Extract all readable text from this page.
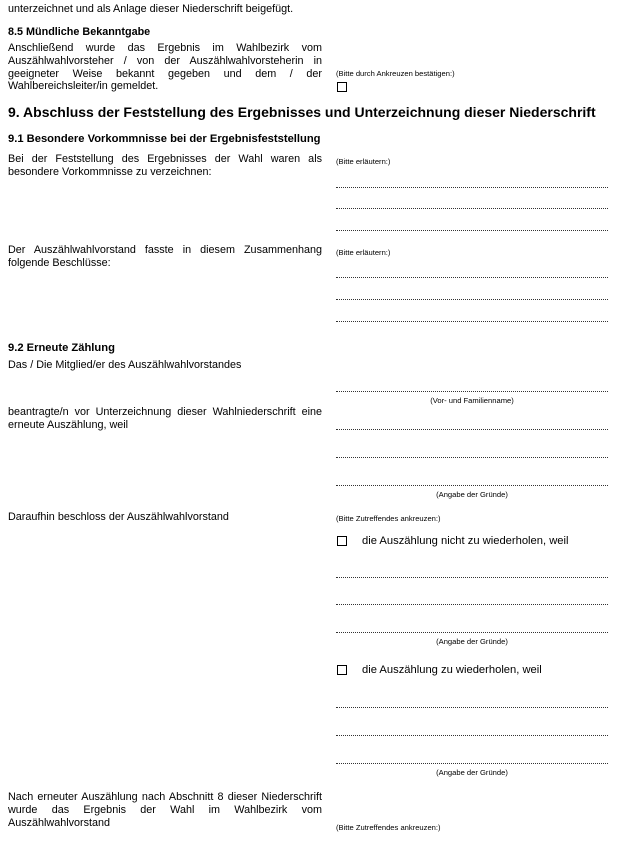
unterzeichnet und als Anlage dieser Niederschrift beigefügt.
8.5 Mündliche Bekanntgabe
Anschließend wurde das Ergebnis im Wahlbezirk vom Auszählwahlvorsteher / von der Auszählwahlvorsteherin in geeigneter Weise bekannt gegeben und dem / der Wahlbereichsleiter/in gemeldet.
(Bitte durch Ankreuzen bestätigen:)
9. Abschluss der Feststellung des Ergebnisses und Unterzeichnung dieser Niederschrift
9.1 Besondere Vorkommnisse bei der Ergebnisfeststellung
Bei der Feststellung des Ergebnisses der Wahl waren als besondere Vorkommnisse zu verzeichnen:
(Bitte erläutern:)
Der Auszählwahlvorstand fasste in diesem Zusammenhang folgende Beschlüsse:
(Bitte erläutern:)
9.2 Erneute Zählung
Das / Die Mitglied/er des Auszählwahlvorstandes
(Vor- und Familienname)
beantragte/n vor Unterzeichnung dieser Wahlniederschrift eine erneute Auszählung, weil
(Angabe der Gründe)
Daraufhin beschloss der Auszählwahlvorstand	(Bitte Zutreffendes ankreuzen:)
die Auszählung nicht zu wiederholen, weil
(Angabe der Gründe)
die Auszählung zu wiederholen, weil
(Angabe der Gründe)
Nach erneuter Auszählung nach Abschnitt 8 dieser Niederschrift wurde das Ergebnis der Wahl im Wahlbezirk vom Auszählwahlvorstand	(Bitte Zutreffendes ankreuzen:)
